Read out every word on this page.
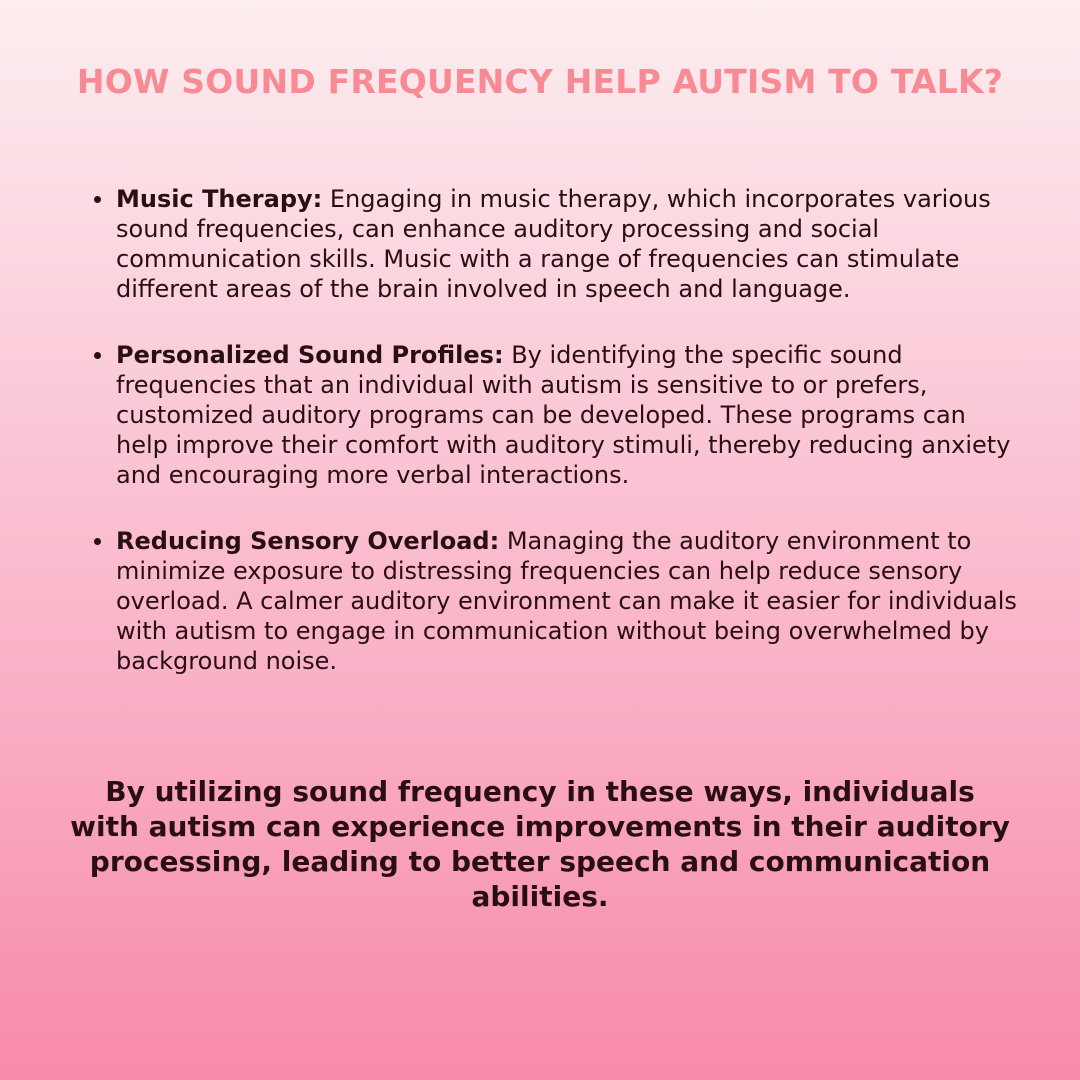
HOW SOUND FREQUENCY HELP AUTISM TO TALK?
Music Therapy: Engaging in music therapy, which incorporates various sound frequencies, can enhance auditory processing and social communication skills. Music with a range of frequencies can stimulate different areas of the brain involved in speech and language.
Personalized Sound Profiles: By identifying the specific sound frequencies that an individual with autism is sensitive to or prefers, customized auditory programs can be developed. These programs can help improve their comfort with auditory stimuli, thereby reducing anxiety and encouraging more verbal interactions.
Reducing Sensory Overload: Managing the auditory environment to minimize exposure to distressing frequencies can help reduce sensory overload. A calmer auditory environment can make it easier for individuals with autism to engage in communication without being overwhelmed by background noise.
By utilizing sound frequency in these ways, individuals with autism can experience improvements in their auditory processing, leading to better speech and communication abilities.
